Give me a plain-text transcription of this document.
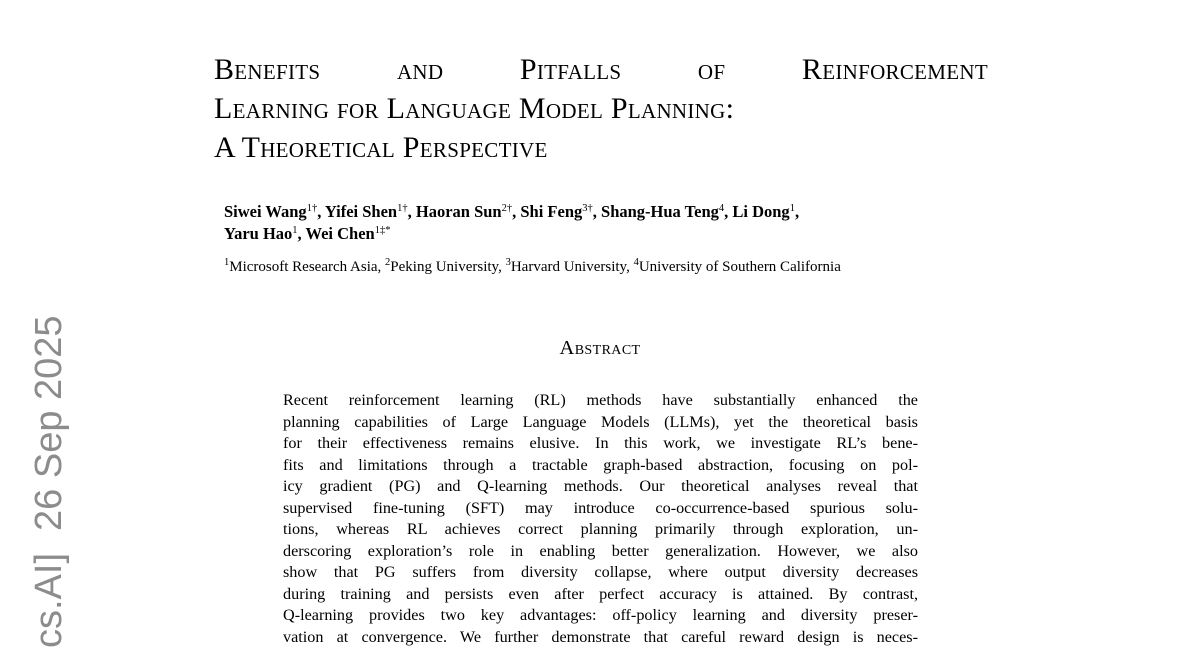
cs.AI]26 Sep 2025
Benefits and Pitfalls of Reinforcement
Learning for Language Model Planning:
A Theoretical Perspective
Siwei Wang$^{1\dagger}$, Yifei Shen$^{1\dagger}$, Haoran Sun$^{2\dagger}$, Shi Feng$^{3\dagger}$, Shang-Hua Teng$^4$, Li Dong$^1$,
Yaru Hao$^1$, Wei Chen$^{1\ddagger*}$
$^1$Microsoft Research Asia, $^2$Peking University, $^3$Harvard University, $^4$University of Southern California
Abstract
Recent reinforcement learning (RL) methods have substantially enhanced the
planning capabilities of Large Language Models (LLMs), yet the theoretical basis
for their effectiveness remains elusive. In this work, we investigate RL’s bene-
fits and limitations through a tractable graph-based abstraction, focusing on pol-
icy gradient (PG) and Q-learning methods. Our theoretical analyses reveal that
supervised fine-tuning (SFT) may introduce co-occurrence-based spurious solu-
tions, whereas RL achieves correct planning primarily through exploration, un-
derscoring exploration’s role in enabling better generalization. However, we also
show that PG suffers from diversity collapse, where output diversity decreases
during training and persists even after perfect accuracy is attained. By contrast,
Q-learning provides two key advantages: off-policy learning and diversity preser-
vation at convergence. We further demonstrate that careful reward design is neces-
